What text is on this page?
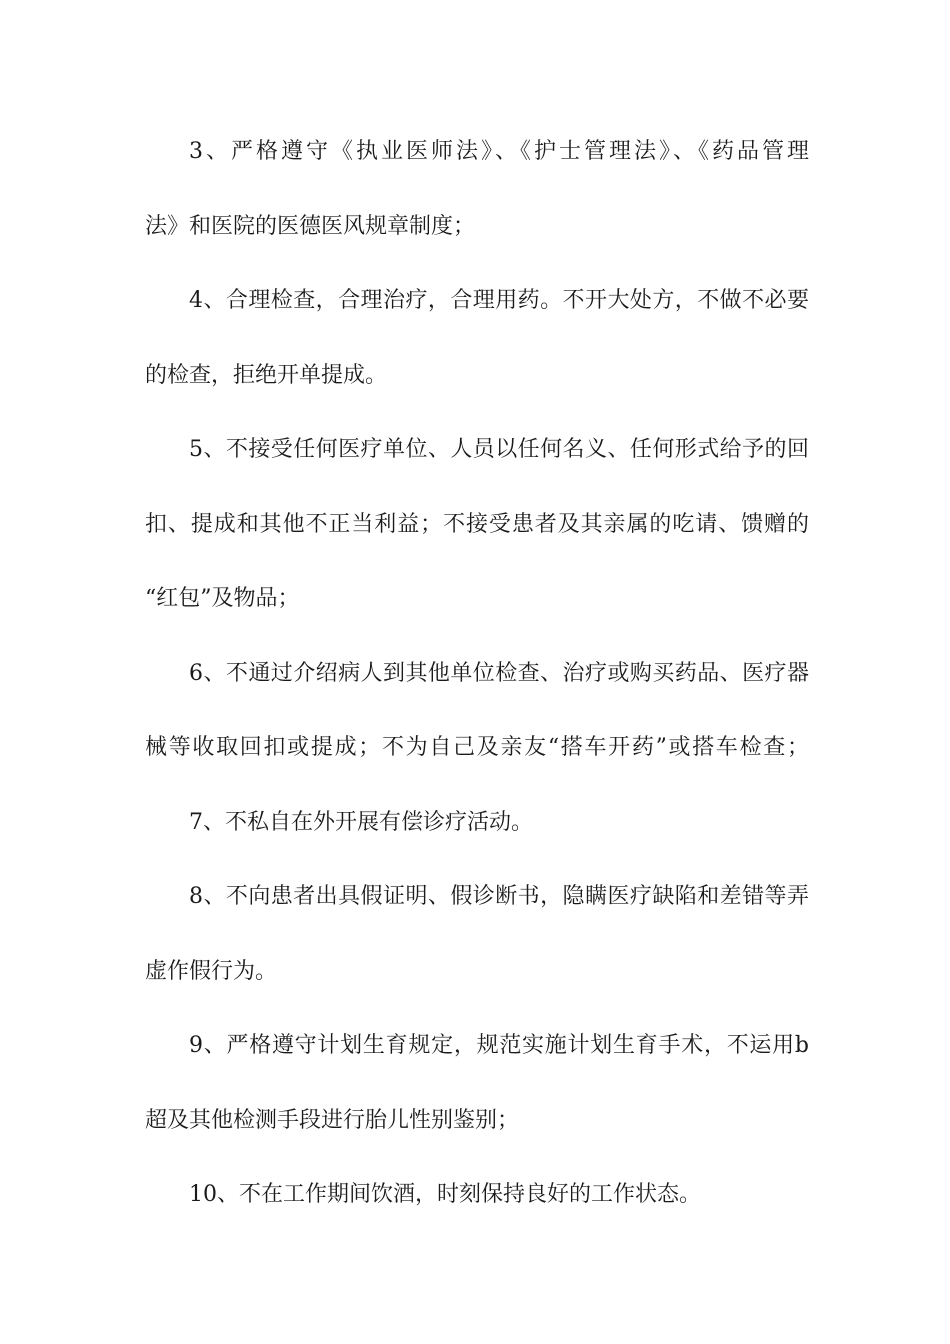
3、严格遵守《执业医师法》、《护士管理法》、《药品管理
法》和医院的医德医风规章制度；
4、合理检查，合理治疗，合理用药。不开大处方，不做不必要
的检查，拒绝开单提成。
5、不接受任何医疗单位、人员以任何名义、任何形式给予的回
扣、提成和其他不正当利益；不接受患者及其亲属的吃请、馈赠的
“红包”及物品；
6、不通过介绍病人到其他单位检查、治疗或购买药品、医疗器
械等收取回扣或提成；不为自己及亲友“搭车开药”或搭车检查；
7、不私自在外开展有偿诊疗活动。
8、不向患者出具假证明、假诊断书，隐瞒医疗缺陷和差错等弄
虚作假行为。
9、严格遵守计划生育规定，规范实施计划生育手术，不运用b
超及其他检测手段进行胎儿性别鉴别；
10、不在工作期间饮酒，时刻保持良好的工作状态。
